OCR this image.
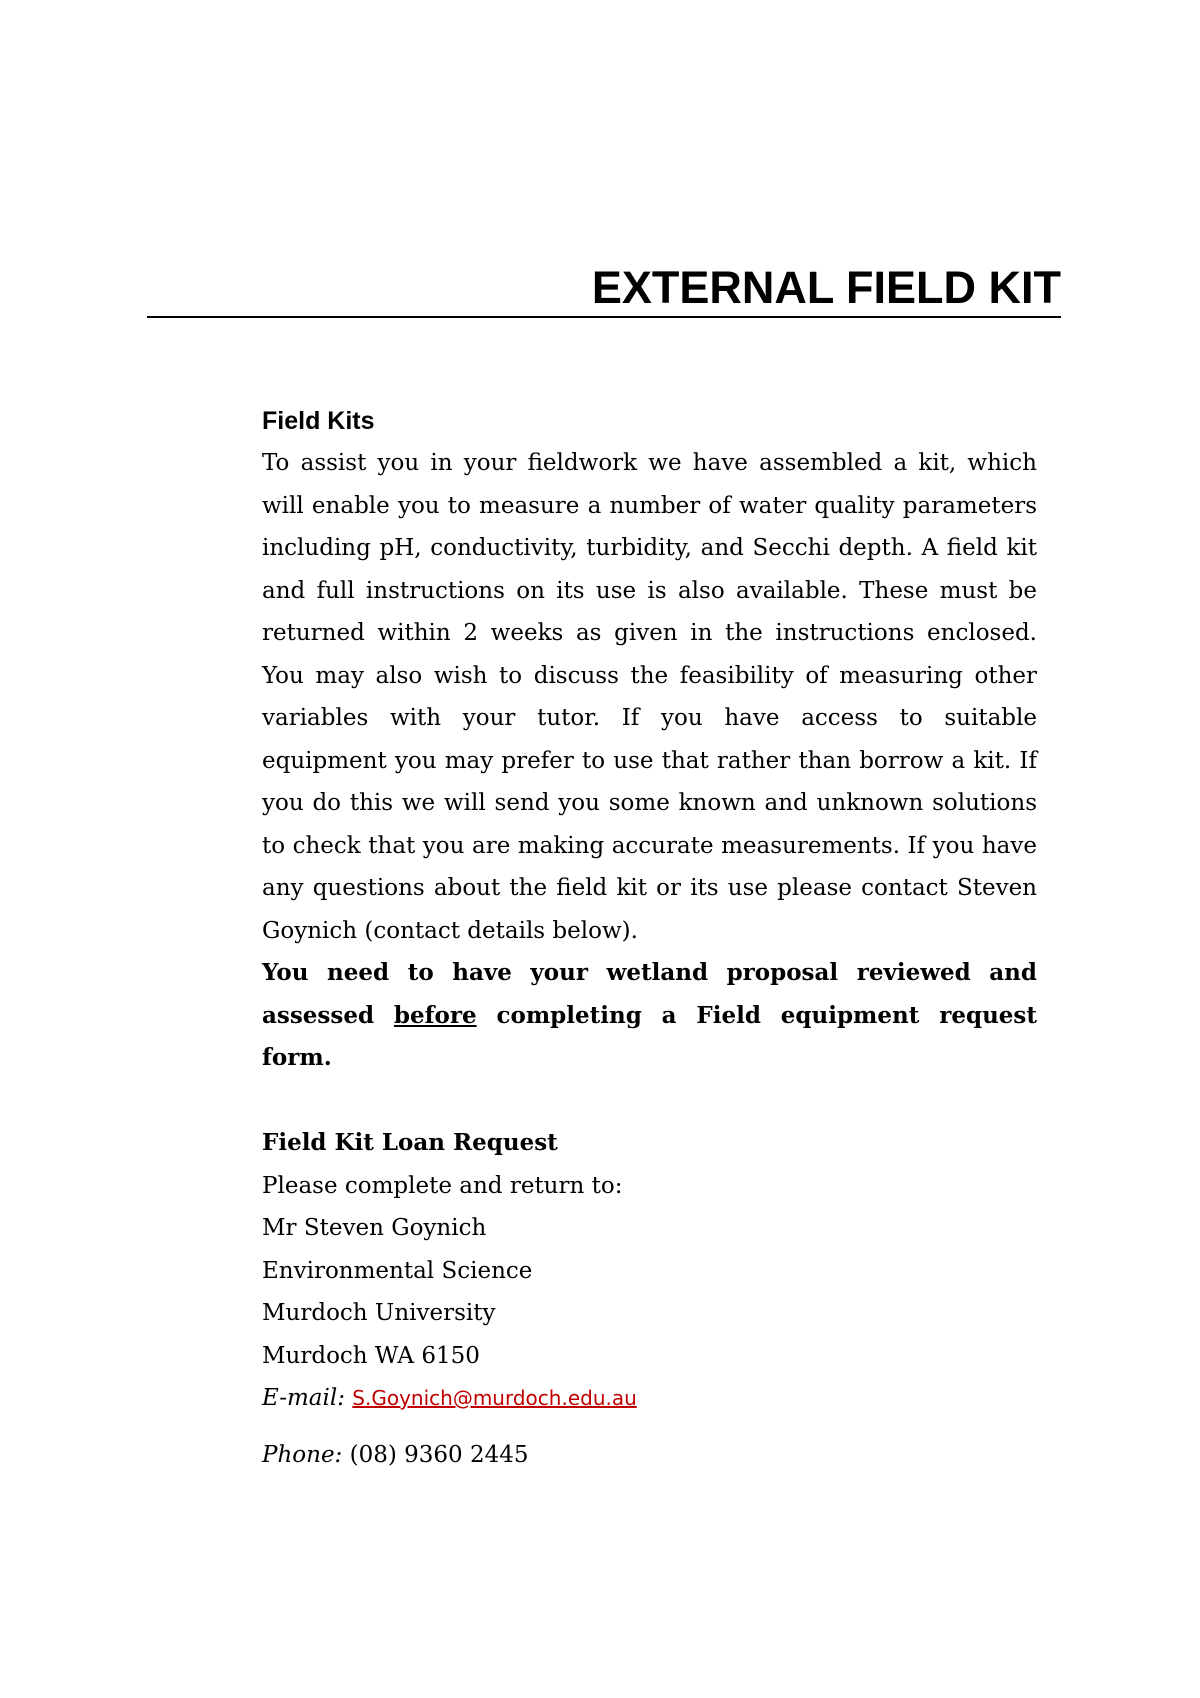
EXTERNAL FIELD KIT
Field Kits

To assist you in your fieldwork we have assembled a kit, which will enable you to measure a number of water quality parameters including pH, conductivity, turbidity, and Secchi depth. A field kit and full instructions on its use is also available. These must be returned within 2 weeks as given in the instructions enclosed. You may also wish to discuss the feasibility of measuring other variables with your tutor. If you have access to suitable equipment you may prefer to use that rather than borrow a kit. If you do this we will send you some known and unknown solutions to check that you are making accurate measurements. If you have any questions about the field kit or its use please contact Steven Goynich (contact details below).

You need to have your wetland proposal reviewed and assessed before completing a Field equipment request form.

Field Kit Loan Request

Please complete and return to:

Mr Steven Goynich

Environmental Science

Murdoch University

Murdoch WA 6150

E-mail: S.Goynich@murdoch.edu.au

Phone: (08) 9360 2445
